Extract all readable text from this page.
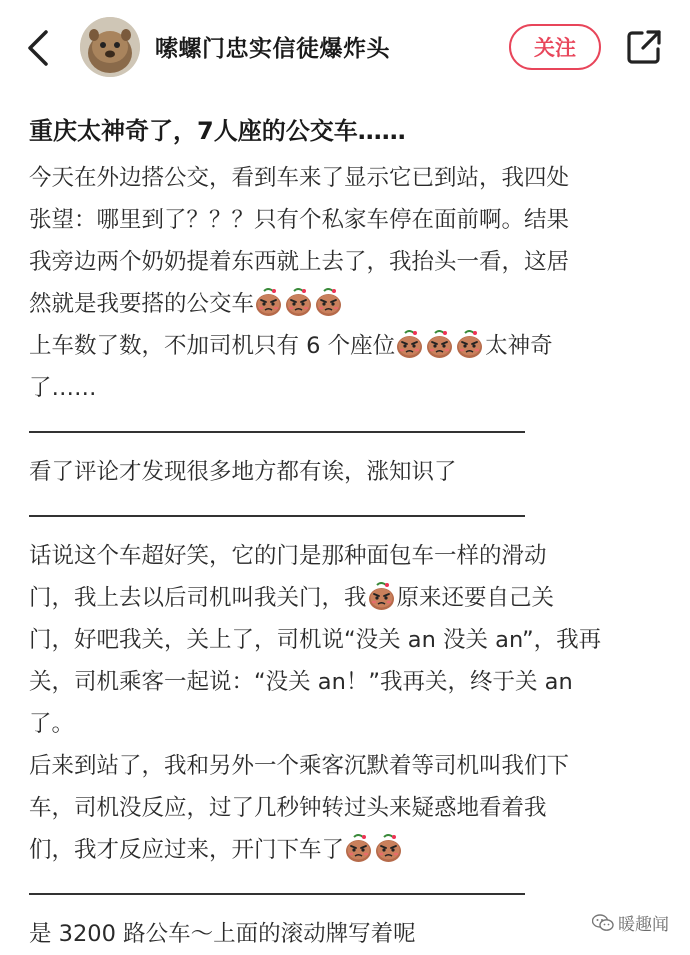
嗦螺门忠实信徒爆炸头	关注
重庆太神奇了，7人座的公交车……
今天在外边搭公交，看到车来了显示它已到站，我四处
张望：哪里到了？？？只有个私家车停在面前啊。结果
我旁边两个奶奶提着东西就上去了，我抬头一看，这居
然就是我要搭的公交车
上车数了数，不加司机只有 6 个座位	太神奇
了……
看了评论才发现很多地方都有诶，涨知识了
话说这个车超好笑，它的门是那种面包车一样的滑动
门，我上去以后司机叫我关门，我 原来还要自己关
门，好吧我关，关上了，司机说“没关 an 没关 an”，我再
关，司机乘客一起说：“没关 an！”我再关，终于关 an
了。
后来到站了，我和另外一个乘客沉默着等司机叫我们下
车，司机没反应，过了几秒钟转过头来疑惑地看着我
们，我才反应过来，开门下车了
是 3200 路公车～上面的滚动牌写着呢	暖趣闻
